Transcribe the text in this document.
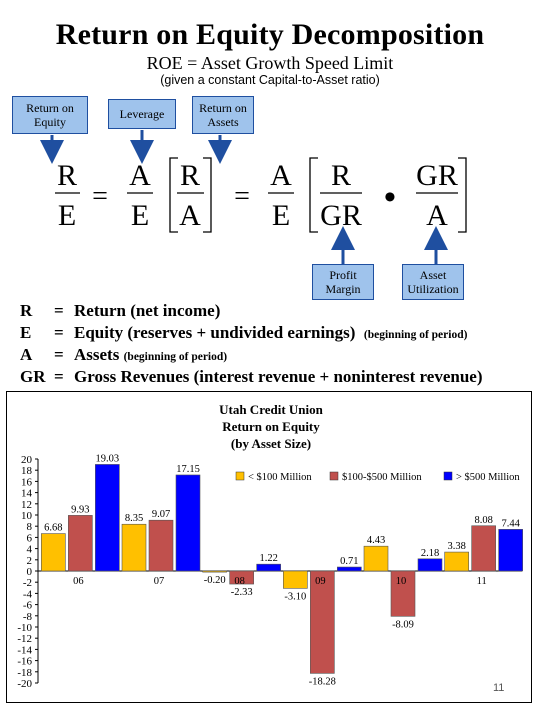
Return on Equity Decomposition
ROE = Asset Growth Speed Limit
(given a constant Capital-to-Asset ratio)
Return on Equity
Leverage	Return on Assets
Profit Margin
Asset Utilization
R
E
=
A
E
R
A
=
A
E
R
GR •
GR
A
R = Return (net income)
E = Equity (reserves + undivided earnings) (beginning of period)
A = Assets (beginning of period)
GR = Gross Revenues (interest revenue + noninterest revenue)
Utah Credit Union
Return on Equity
(by Asset Size)
< $100 Million	$100-$500 Million	> $500 Million
20
18
16
14
12
10
8
6
4
2
0
-2
-4
-6
-8
-10
-12
-14
-16
-18
-20
06
6.68
9.93
19.03
07
8.35 9.07
17.15
08
-0.20
-2.33
1.22
09
-3.10
-18.28
0.71
10
4.43
-8.09
2.18
11
3.38
8.08 7.44
11
